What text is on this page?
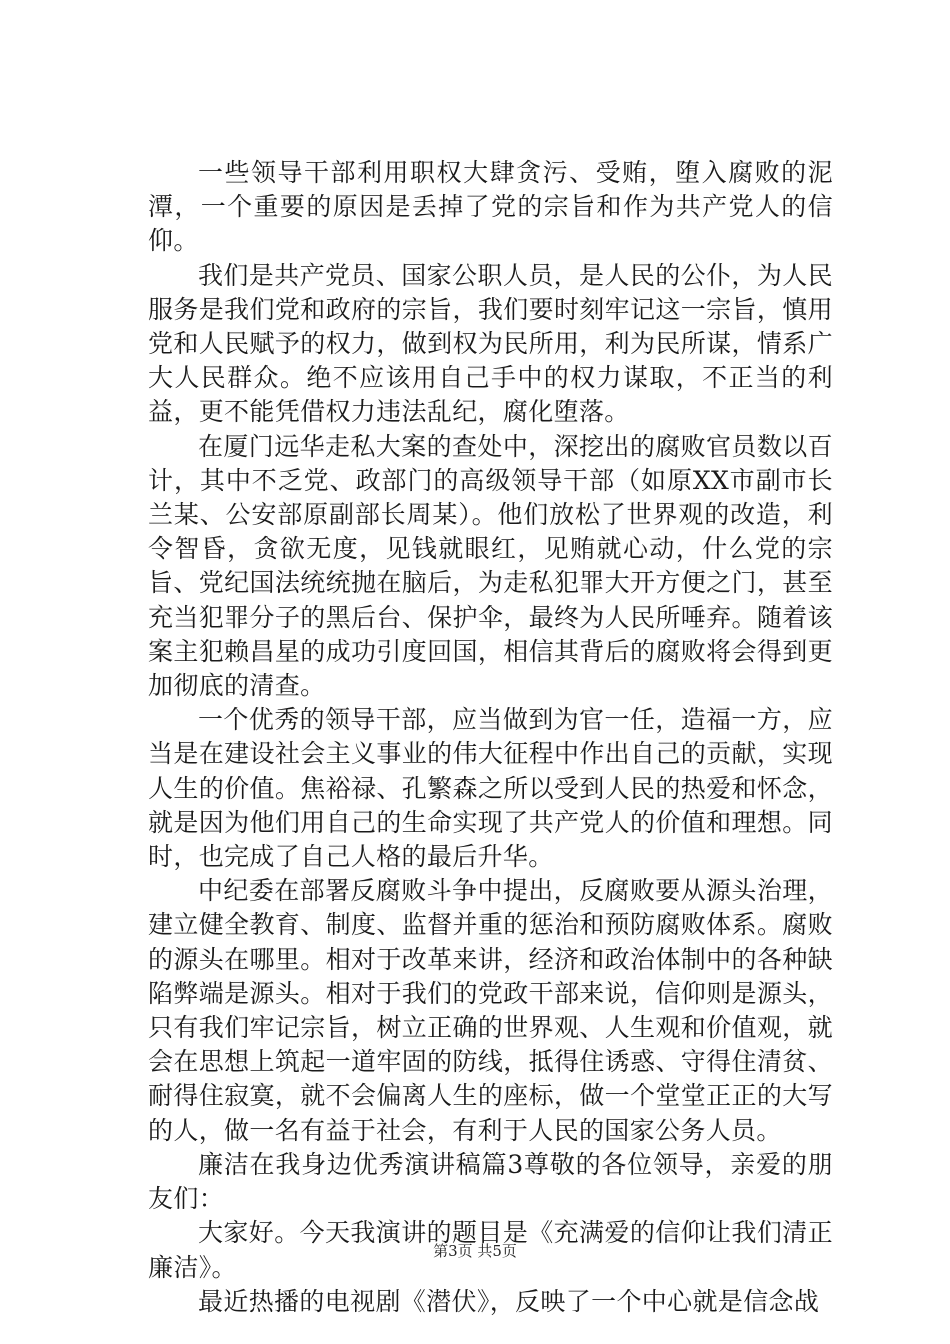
一些领导干部利用职权大肆贪污、受贿，堕入腐败的泥潭，一个重要的原因是丢掉了党的宗旨和作为共产党人的信仰。

我们是共产党员、国家公职人员，是人民的公仆，为人民服务是我们党和政府的宗旨，我们要时刻牢记这一宗旨，慎用党和人民赋予的权力，做到权为民所用，利为民所谋，情系广大人民群众。绝不应该用自己手中的权力谋取，不正当的利益，更不能凭借权力违法乱纪，腐化堕落。

在厦门远华走私大案的查处中，深挖出的腐败官员数以百计，其中不乏党、政部门的高级领导干部（如原XX市副市长兰某、公安部原副部长周某）。他们放松了世界观的改造，利令智昏，贪欲无度，见钱就眼红，见贿就心动，什么党的宗旨、党纪国法统统抛在脑后，为走私犯罪大开方便之门，甚至充当犯罪分子的黑后台、保护伞，最终为人民所唾弃。随着该案主犯赖昌星的成功引度回国，相信其背后的腐败将会得到更加彻底的清查。

一个优秀的领导干部，应当做到为官一任，造福一方，应当是在建设社会主义事业的伟大征程中作出自己的贡献，实现人生的价值。焦裕禄、孔繁森之所以受到人民的热爱和怀念，就是因为他们用自己的生命实现了共产党人的价值和理想。同时，也完成了自己人格的最后升华。

中纪委在部署反腐败斗争中提出，反腐败要从源头治理，建立健全教育、制度、监督并重的惩治和预防腐败体系。腐败的源头在哪里。相对于改革来讲，经济和政治体制中的各种缺陷弊端是源头。相对于我们的党政干部来说，信仰则是源头，只有我们牢记宗旨，树立正确的世界观、人生观和价值观，就会在思想上筑起一道牢固的防线，抵得住诱惑、守得住清贫、耐得住寂寞，就不会偏离人生的座标，做一个堂堂正正的大写的人，做一名有益于社会，有利于人民的国家公务人员。

廉洁在我身边优秀演讲稿篇3尊敬的各位领导，亲爱的朋友们：

大家好。今天我演讲的题目是《充满爱的信仰让我们清正廉洁》。

最近热播的电视剧《潜伏》，反映了一个中心就是信念战

第3页 共5页
